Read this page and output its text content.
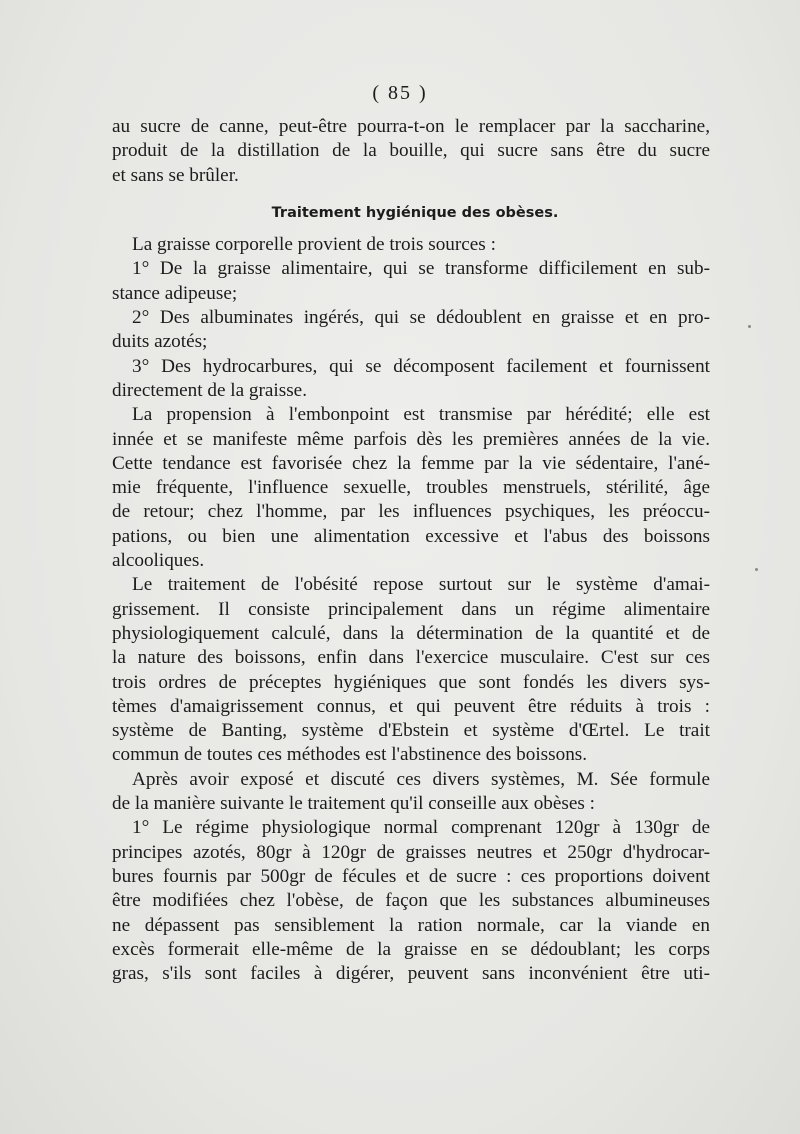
( 85 )
au sucre de canne, peut-être pourra-t-on le remplacer par la saccharine,
produit de la distillation de la bouille, qui sucre sans être du sucre
et sans se brûler.
Traitement hygiénique des obèses.
La graisse corporelle provient de trois sources :
1° De la graisse alimentaire, qui se transforme difficilement en sub-
stance adipeuse;
2° Des albuminates ingérés, qui se dédoublent en graisse et en pro-
duits azotés;
3° Des hydrocarbures, qui se décomposent facilement et fournissent
directement de la graisse.
La propension à l'embonpoint est transmise par hérédité; elle est
innée et se manifeste même parfois dès les premières années de la vie.
Cette tendance est favorisée chez la femme par la vie sédentaire, l'ané-
mie fréquente, l'influence sexuelle, troubles menstruels, stérilité, âge
de retour; chez l'homme, par les influences psychiques, les préoccu-
pations, ou bien une alimentation excessive et l'abus des boissons
alcooliques.
Le traitement de l'obésité repose surtout sur le système d'amai-
grissement. Il consiste principalement dans un régime alimentaire
physiologiquement calculé, dans la détermination de la quantité et de
la nature des boissons, enfin dans l'exercice musculaire. C'est sur ces
trois ordres de préceptes hygiéniques que sont fondés les divers sys-
tèmes d'amaigrissement connus, et qui peuvent être réduits à trois :
système de Banting, système d'Ebstein et système d'Œrtel. Le trait
commun de toutes ces méthodes est l'abstinence des boissons.
Après avoir exposé et discuté ces divers systèmes, M. Sée formule
de la manière suivante le traitement qu'il conseille aux obèses :
1° Le régime physiologique normal comprenant 120gr à 130gr de
principes azotés, 80gr à 120gr de graisses neutres et 250gr d'hydrocar-
bures fournis par 500gr de fécules et de sucre : ces proportions doivent
être modifiées chez l'obèse, de façon que les substances albumineuses
ne dépassent pas sensiblement la ration normale, car la viande en
excès formerait elle-même de la graisse en se dédoublant; les corps
gras, s'ils sont faciles à digérer, peuvent sans inconvénient être uti-
